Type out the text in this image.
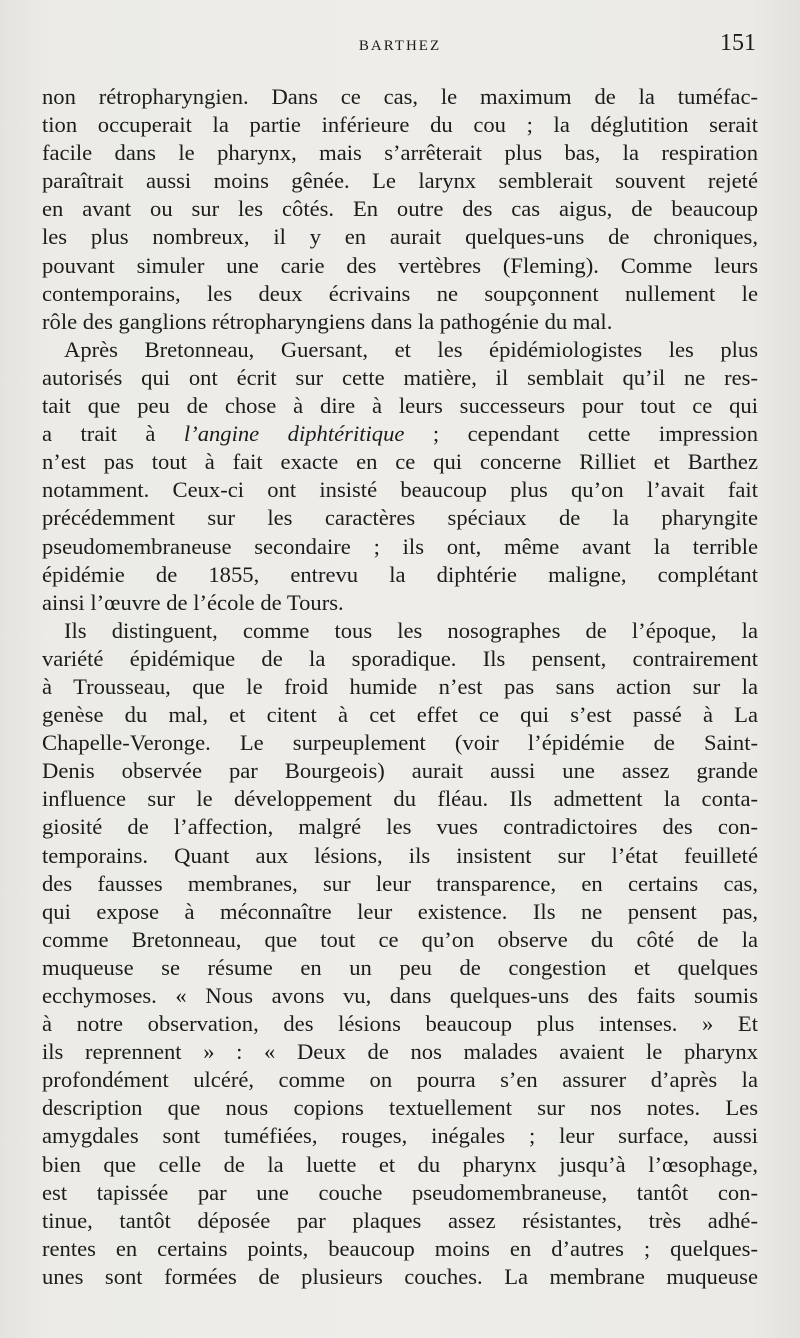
BARTHEZ	151
non rétropharyngien. Dans ce cas, le maximum de la tuméfac-
tion occuperait la partie inférieure du cou ; la déglutition serait
facile dans le pharynx, mais s’arrêterait plus bas, la respiration
paraîtrait aussi moins gênée. Le larynx semblerait souvent rejeté
en avant ou sur les côtés. En outre des cas aigus, de beaucoup
les plus nombreux, il y en aurait quelques-uns de chroniques,
pouvant simuler une carie des vertèbres (Fleming). Comme leurs
contemporains, les deux écrivains ne soupçonnent nullement le
rôle des ganglions rétropharyngiens dans la pathogénie du mal.
Après Bretonneau, Guersant, et les épidémiologistes les plus
autorisés qui ont écrit sur cette matière, il semblait qu’il ne res-
tait que peu de chose à dire à leurs successeurs pour tout ce qui
a trait à l’angine diphtéritique ; cependant cette impression
n’est pas tout à fait exacte en ce qui concerne Rilliet et Barthez
notamment. Ceux-ci ont insisté beaucoup plus qu’on l’avait fait
précédemment sur les caractères spéciaux de la pharyngite
pseudomembraneuse secondaire ; ils ont, même avant la terrible
épidémie de 1855, entrevu la diphtérie maligne, complétant
ainsi l’œuvre de l’école de Tours.
Ils distinguent, comme tous les nosographes de l’époque, la
variété épidémique de la sporadique. Ils pensent, contrairement
à Trousseau, que le froid humide n’est pas sans action sur la
genèse du mal, et citent à cet effet ce qui s’est passé à La
Chapelle-Veronge. Le surpeuplement (voir l’épidémie de Saint-
Denis observée par Bourgeois) aurait aussi une assez grande
influence sur le développement du fléau. Ils admettent la conta-
giosité de l’affection, malgré les vues contradictoires des con-
temporains. Quant aux lésions, ils insistent sur l’état feuilleté
des fausses membranes, sur leur transparence, en certains cas,
qui expose à méconnaître leur existence. Ils ne pensent pas,
comme Bretonneau, que tout ce qu’on observe du côté de la
muqueuse se résume en un peu de congestion et quelques
ecchymoses. « Nous avons vu, dans quelques-uns des faits soumis
à notre observation, des lésions beaucoup plus intenses. » Et
ils reprennent » : « Deux de nos malades avaient le pharynx
profondément ulcéré, comme on pourra s’en assurer d’après la
description que nous copions textuellement sur nos notes. Les
amygdales sont tuméfiées, rouges, inégales ; leur surface, aussi
bien que celle de la luette et du pharynx jusqu’à l’œsophage,
est tapissée par une couche pseudomembraneuse, tantôt con-
tinue, tantôt déposée par plaques assez résistantes, très adhé-
rentes en certains points, beaucoup moins en d’autres ; quelques-
unes sont formées de plusieurs couches. La membrane muqueuse
